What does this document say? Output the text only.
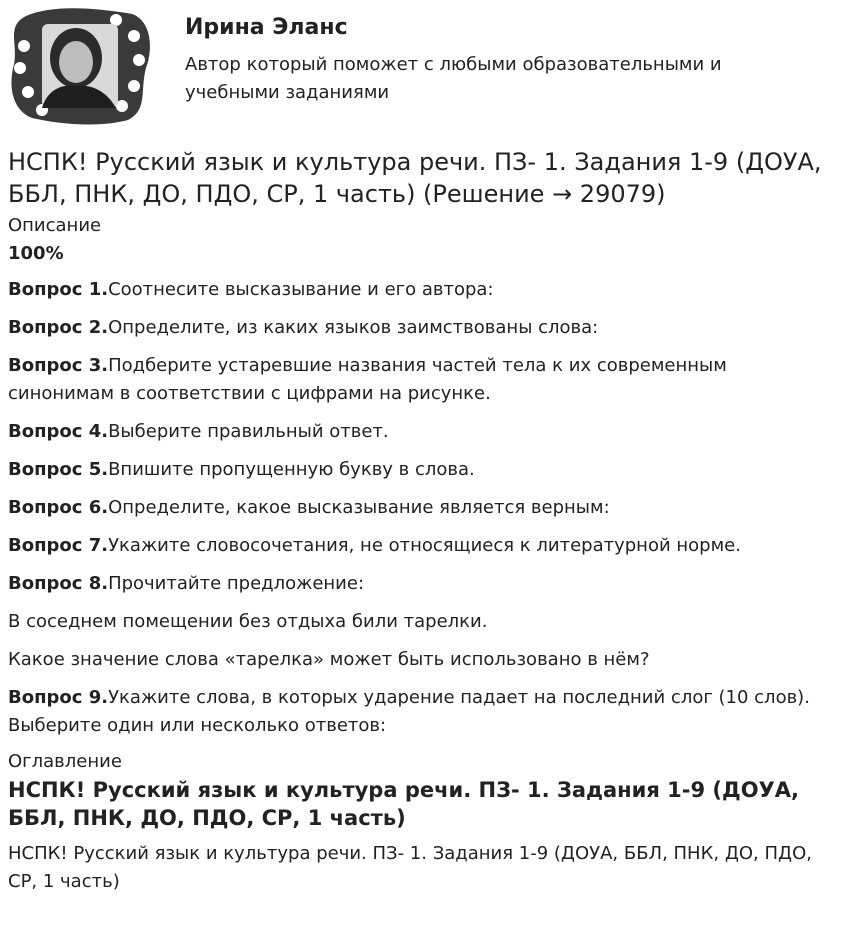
Ирина Эланс
Автор который поможет с любыми образовательными и учебными заданиями
НСПК! Русский язык и культура речи. ПЗ- 1. Задания 1-9 (ДОУА, ББЛ, ПНК, ДО, ПДО, СР, 1 часть) (Решение → 29079)
Описание
100%

Вопрос 1.Соотнесите высказывание и его автора:

Вопрос 2.Определите, из каких языков заимствованы слова:

Вопрос 3.Подберите устаревшие названия частей тела к их современным синонимам в соответствии с цифрами на рисунке.

Вопрос 4.Выберите правильный ответ.

Вопрос 5.Впишите пропущенную букву в слова.

Вопрос 6.Определите, какое высказывание является верным:

Вопрос 7.Укажите словосочетания, не относящиеся к литературной норме.

Вопрос 8.Прочитайте предложение:

В соседнем помещении без отдыха били тарелки.

Какое значение слова «тарелка» может быть использовано в нём?

Вопрос 9.Укажите слова, в которых ударение падает на последний слог (10 слов). Выберите один или несколько ответов:

Оглавление
НСПК! Русский язык и культура речи. ПЗ- 1. Задания 1-9 (ДОУА, ББЛ, ПНК, ДО, ПДО, СР, 1 часть)
НСПК! Русский язык и культура речи. ПЗ- 1. Задания 1-9 (ДОУА, ББЛ, ПНК, ДО, ПДО, СР, 1 часть)
